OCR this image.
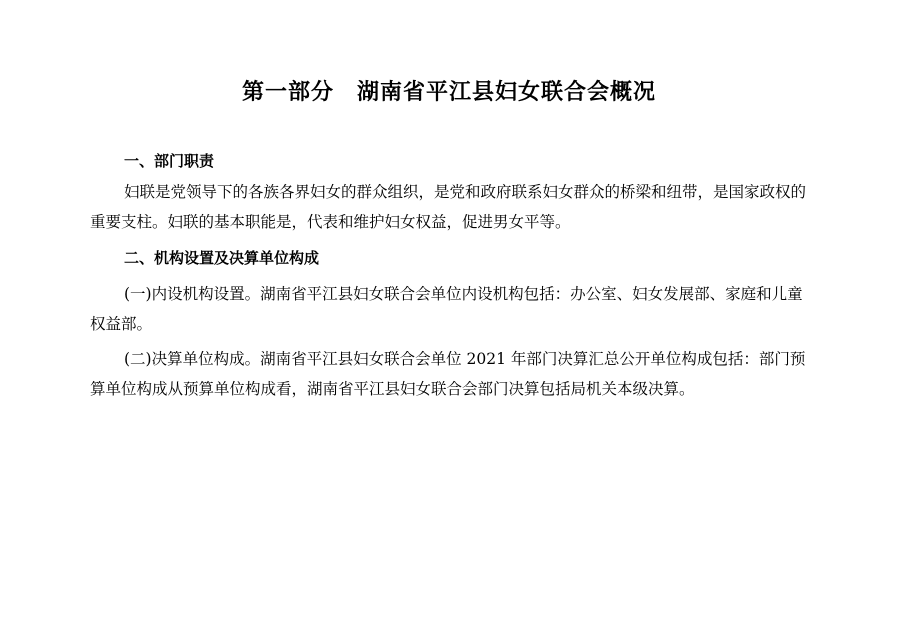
第一部分　湖南省平江县妇女联合会概况
一、部门职责
妇联是党领导下的各族各界妇女的群众组织，是党和政府联系妇女群众的桥梁和纽带，是国家政权的重要支柱。妇联的基本职能是，代表和维护妇女权益，促进男女平等。
二、机构设置及决算单位构成
(一)内设机构设置。湖南省平江县妇女联合会单位内设机构包括：办公室、妇女发展部、家庭和儿童权益部。
(二)决算单位构成。湖南省平江县妇女联合会单位 2021 年部门决算汇总公开单位构成包括：部门预算单位构成从预算单位构成看，湖南省平江县妇女联合会部门决算包括局机关本级决算。
